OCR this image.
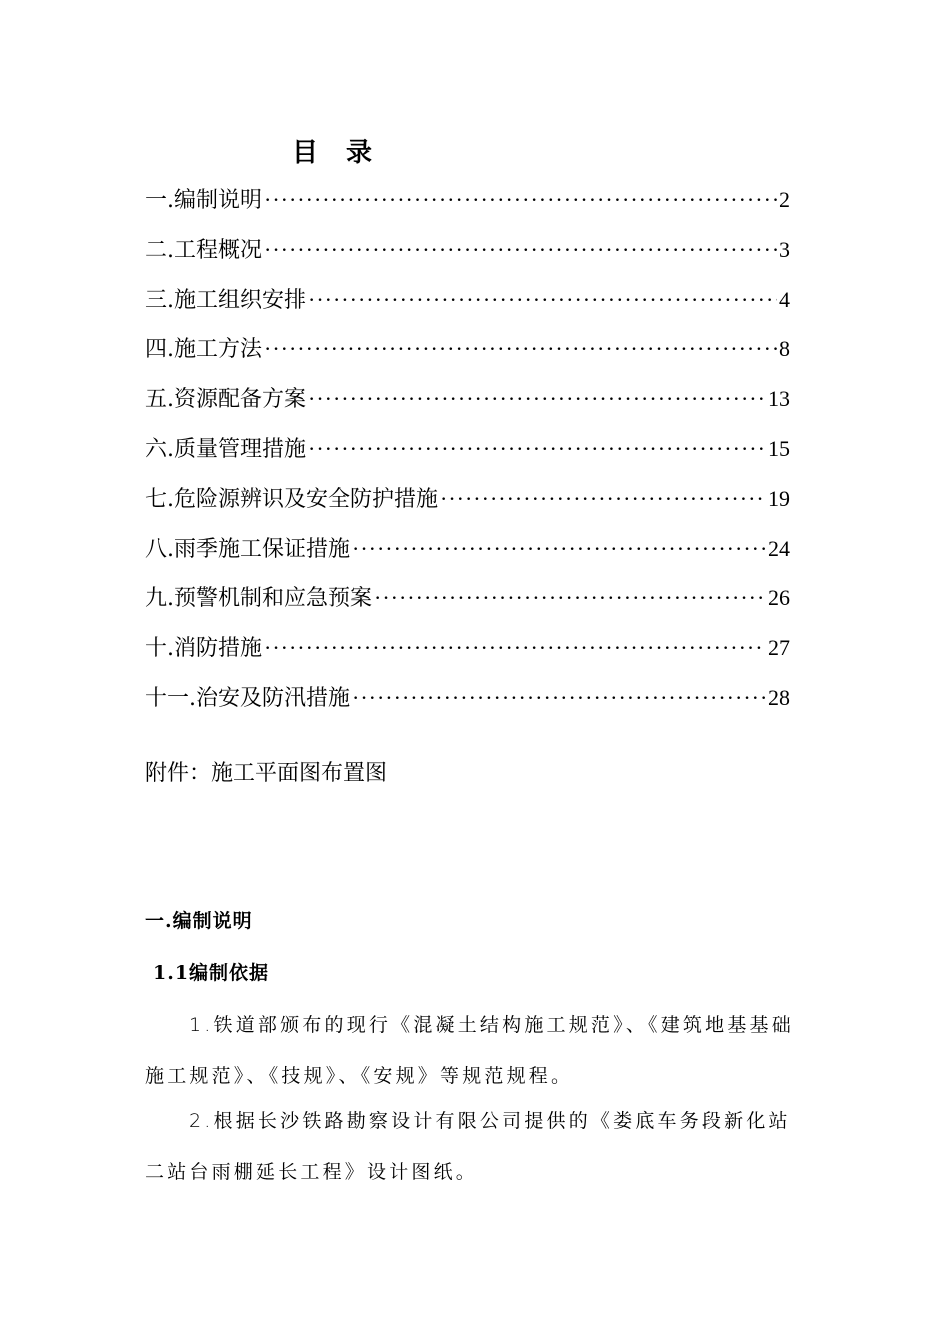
目录
一.编制说明 ·····	2
二.工程概况 ·····	3
三.施工组织安排 ·····	4
四.施工方法 ·····	8
五.资源配备方案 ·····	13
六.质量管理措施 ·····	15
七.危险源辨识及安全防护措施 ·····	19
八.雨季施工保证措施 ·····	24
九.预警机制和应急预案 ·····	26
十.消防措施 ·····	27
十一.治安及防汛措施 ·····	28
附件：施工平面图布置图
一.编制说明
1.1编制依据
1.铁道部颁布的现行《混凝土结构施工规范》、《建筑地基基础施工规范》、《技规》、《安规》等规范规程。
2.根据长沙铁路勘察设计有限公司提供的《娄底车务段新化站二站台雨棚延长工程》设计图纸。
